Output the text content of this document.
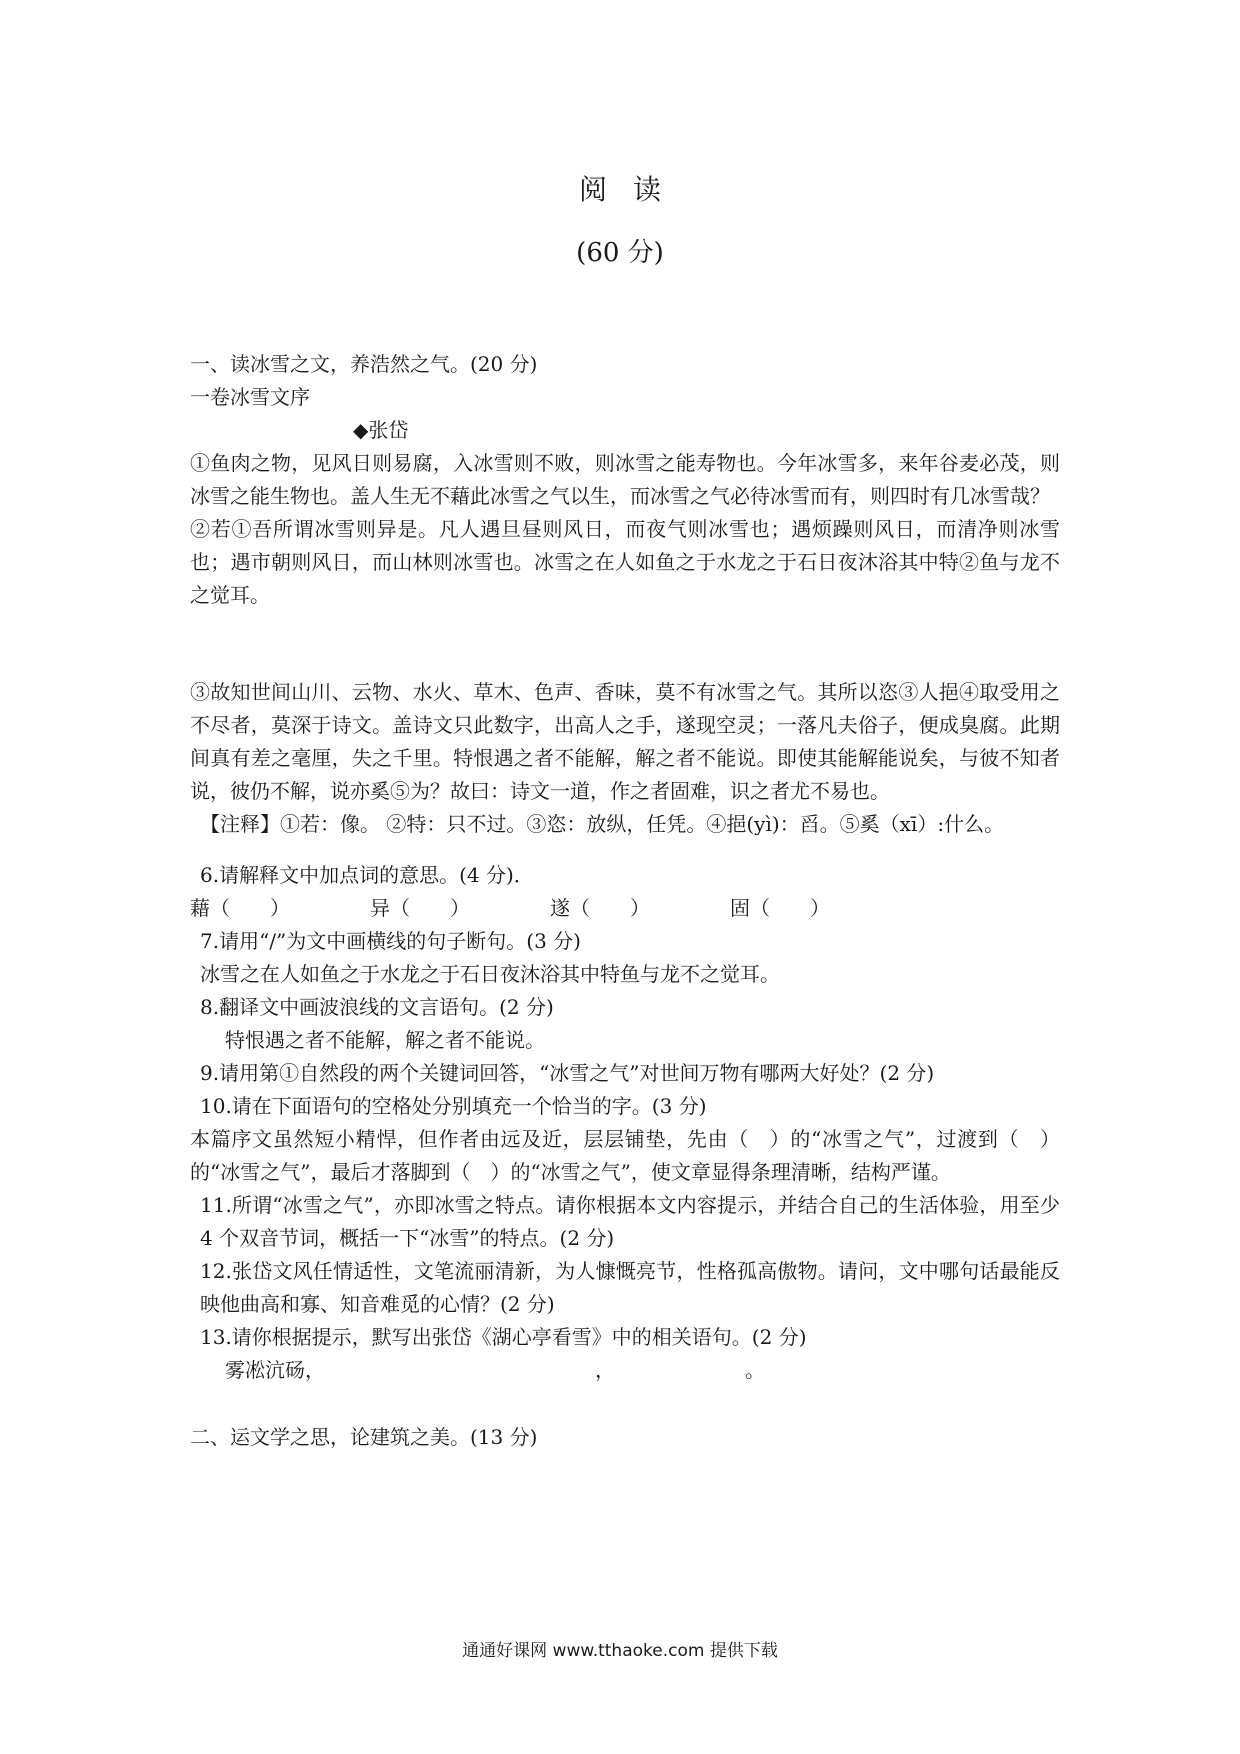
阅读
(60 分)
一、读冰雪之文，养浩然之气。(20 分)
一卷冰雪文序
◆张岱
①鱼肉之物，见风日则易腐，入冰雪则不败，则冰雪之能寿物也。今年冰雪多，来年谷麦必茂，则冰雪之能生物也。盖人生无不藉此冰雪之气以生，而冰雪之气必待冰雪而有，则四时有几冰雪哉？
②若①吾所谓冰雪则异是。凡人遇旦昼则风日，而夜气则冰雪也；遇烦躁则风日，而清净则冰雪也；遇市朝则风日，而山林则冰雪也。冰雪之在人如鱼之于水龙之于石日夜沐浴其中特②鱼与龙不之觉耳。
③故知世间山川、云物、水火、草木、色声、香味，莫不有冰雪之气。其所以恣③人挹④取受用之不尽者，莫深于诗文。盖诗文只此数字，出高人之手，遂现空灵；一落凡夫俗子，便成臭腐。此期间真有差之毫厘，失之千里。特恨遇之者不能解，解之者不能说。即使其能解能说矣，与彼不知者说，彼仍不解，说亦奚⑤为？故曰：诗文一道，作之者固难，识之者尤不易也。
【注释】①若：像。 ②特：只不过。③恣：放纵，任凭。④挹(yì)：舀。⑤奚（xī）:什么。
6.请解释文中加点词的意思。(4 分)．
藉（　　）	异（　　）	遂（　　）	固（　　）
7.请用“/”为文中画横线的句子断句。(3 分)
冰雪之在人如鱼之于水龙之于石日夜沐浴其中特鱼与龙不之觉耳。
8.翻译文中画波浪线的文言语句。(2 分)
特恨遇之者不能解，解之者不能说。
9.请用第①自然段的两个关键词回答，“冰雪之气”对世间万物有哪两大好处？(2 分)
10.请在下面语句的空格处分别填充一个恰当的字。(3 分)
本篇序文虽然短小精悍，但作者由远及近，层层铺垫，先由（　）的“冰雪之气”，过渡到（　）的“冰雪之气”，最后才落脚到（　）的“冰雪之气”，使文章显得条理清晰，结构严谨。
11.所谓“冰雪之气”，亦即冰雪之特点。请你根据本文内容提示，并结合自己的生活体验，用至少 4 个双音节词，概括一下“冰雪”的特点。(2 分)
12.张岱文风任情适性，文笔流丽清新，为人慷慨亮节，性格孤高傲物。请问，文中哪句话最能反映他曲高和寡、知音难觅的心情？(2 分)
13.请你根据提示，默写出张岱《湖心亭看雪》中的相关语句。(2 分)
雾凇沆砀，　　　　　　　　　　　　　　，　　　　　　　。
二、运文学之思，论建筑之美。(13 分)
通通好课网 www.tthaoke.com 提供下载
